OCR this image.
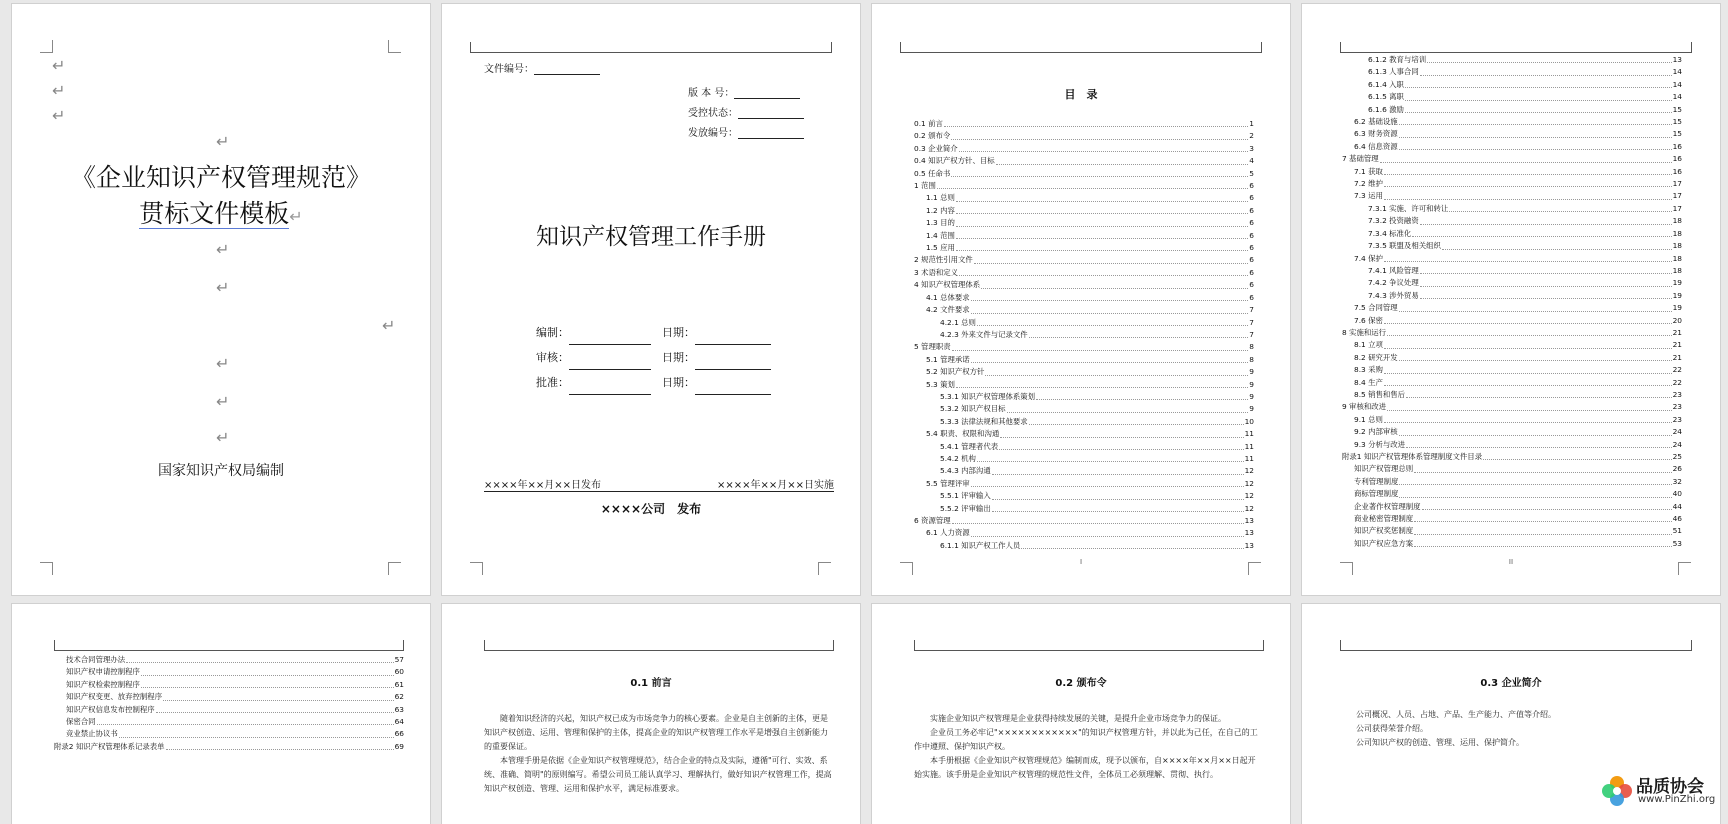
↵
↵
↵
↵
《企业知识产权管理规范》
贯标文件模板↵
↵
↵
↵
↵
↵
↵
国家知识产权局编制
文件编号：
版 本 号：
受控状态：
发放编号：
知识产权管理工作手册
编制：　	日期：
审核：　	日期：
批准：　	日期：
××××年××月××日发布	××××年××月××日实施
××××公司　 发布
目　录
0.1 前言	1
0.2 颁布令	2
0.3 企业简介	3
0.4 知识产权方针、目标	4
0.5 任命书	5
1 范围	6
1.1 总则	6
1.2 内容	6
1.3 目的	6
1.4 范围	6
1.5 应用	6
2 规范性引用文件	6
3 术语和定义	6
4 知识产权管理体系	6
4.1 总体要求	6
4.2 文件要求	7
4.2.1 总则	7
4.2.3 外来文件与记录文件	7
5 管理职责	8
5.1 管理承诺	8
5.2 知识产权方针	9
5.3 策划	9
5.3.1 知识产权管理体系策划	9
5.3.2 知识产权目标	9
5.3.3 法律法规和其他要求	10
5.4 职责、权限和沟通	11
5.4.1 管理者代表	11
5.4.2 机构	11
5.4.3 内部沟通	12
5.5 管理评审	12
5.5.1 评审输入	12
5.5.2 评审输出	12
6 资源管理	13
6.1 人力资源	13
6.1.1 知识产权工作人员	13
I
6.1.2 教育与培训	13
6.1.3 人事合同	14
6.1.4 入职	14
6.1.5 离职	14
6.1.6 激励	15
6.2 基础设施	15
6.3 财务资源	15
6.4 信息资源	16
7 基础管理	16
7.1 获取	16
7.2 维护	17
7.3 运用	17
7.3.1 实施、许可和转让	17
7.3.2 投资融资	18
7.3.4 标准化	18
7.3.5 联盟及相关组织	18
7.4 保护	18
7.4.1 风险管理	18
7.4.2 争议处理	19
7.4.3 涉外贸易	19
7.5 合同管理	19
7.6 保密	20
8 实施和运行	21
8.1 立项	21
8.2 研究开发	21
8.3 采购	22
8.4 生产	22
8.5 销售和售后	23
9 审核和改进	23
9.1 总则	23
9.2 内部审核	24
9.3 分析与改进	24
附录1 知识产权管理体系管理制度文件目录	25
知识产权管理总则	26
专利管理制度	32
商标管理制度	40
企业著作权管理制度	44
商业秘密管理制度	46
知识产权奖惩制度	51
知识产权应急方案	53
II
技术合同管理办法	57
知识产权申请控制程序	60
知识产权检索控制程序	61
知识产权变更、放弃控制程序	62
知识产权信息发布控制程序	63
保密合同	64
竞业禁止协议书	66
附录2 知识产权管理体系记录表单	69
0.1 前言

随着知识经济的兴起，知识产权已成为市场竞争力的核心要素。企业是自主创新的主体，更是知识产权创造、运用、管理和保护的主体，提高企业的知识产权管理工作水平是增强自主创新能力的重要保证。

本管理手册是依据《企业知识产权管理规范》，结合企业的特点及实际，遵循"可行、实效、系统、准确、简明"的原则编写。希望公司员工能认真学习、理解执行，做好知识产权管理工作，提高知识产权创造、管理、运用和保护水平，满足标准要求。

0.2 颁布令

实施企业知识产权管理是企业获得持续发展的关键，是提升企业市场竞争力的保证。

企业员工务必牢记"××××××××××××"的知识产权管理方针，并以此为己任，在自己的工作中遵照、保护知识产权。

本手册根据《企业知识产权管理规范》编制而成，现予以颁布，自××××年××月××日起开始实施。该手册是企业知识产权管理的规范性文件，全体员工必须理解、贯彻、执行。

0.3 企业简介

公司概况、人员、占地、产品、生产能力、产值等介绍。

公司获得荣誉介绍。

公司知识产权的创造、管理、运用、保护简介。

品质协会
www.PinZhi.org
